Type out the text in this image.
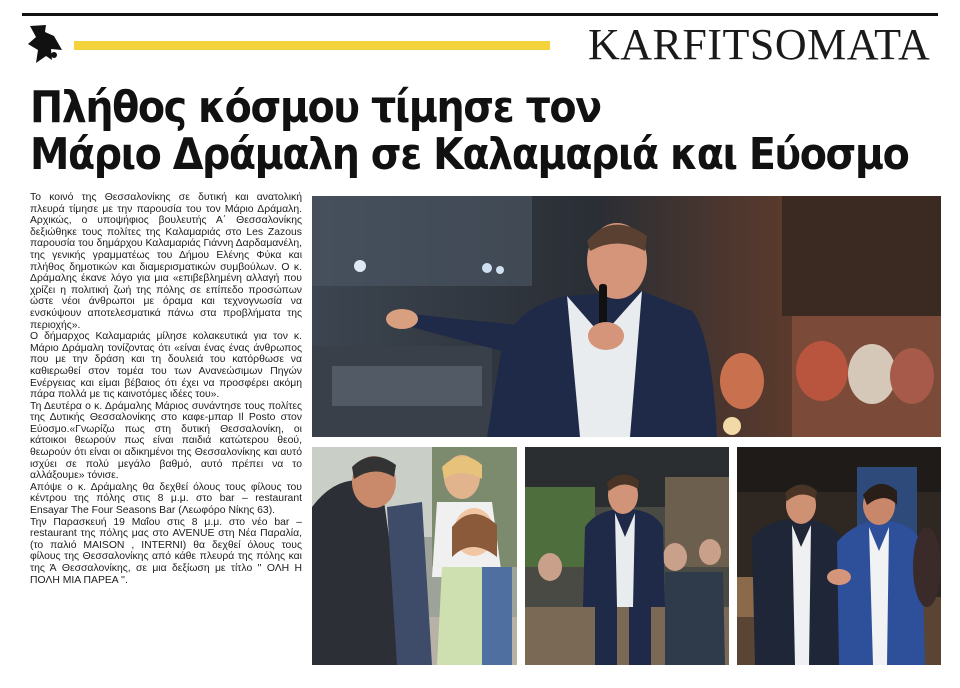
KARFITSOMATA
Πλήθος κόσμου τίμησε τον
Μάριο Δράμαλη σε Καλαμαριά και Εύοσμο

Το κοινό της Θεσσαλονίκης σε δυτική και ανατολική πλευρά τίμησε με την παρουσία του τον Μάριο Δράμαλη. Αρχικώς, ο υποψήφιος βουλευτής Α΄ Θεσσαλονίκης δεξιώθηκε τους πολίτες της Καλαμαριάς στο Les Zazous παρουσία του δημάρχου Καλαμαριάς Γιάννη Δαρδαμανέλη, της γενικής γραμματέως του Δήμου Ελένης Φύκα και πλήθος δημοτικών και διαμερισματικών συμβούλων. Ο κ. Δράμαλης έκανε λόγο για μια «επιβεβλημένη αλλαγή που χρίζει η πολιτική ζωή της πόλης σε επίπεδο προσώπων ώστε νέοι άνθρωποι με όραμα και τεχνογνωσία να ενσκύψουν αποτελεσματικά πάνω στα προβλήματα της περιοχής».

Ο δήμαρχος Καλαμαριάς μίλησε κολακευτικά για τον κ. Μάριο Δράμαλη τονίζοντας ότι «είναι ένας ένας άνθρωπος που με την δράση και τη δουλειά του κατόρθωσε να καθιερωθεί στον τομέα του των Ανανεώσιμων Πηγών Ενέργειας και είμαι βέβαιος ότι έχει να προσφέρει ακόμη πάρα πολλά με τις καινοτόμες ιδέες του».

Τη Δευτέρα ο κ. Δράμαλης Μάριος συνάντησε τους πολίτες της Δυτικής Θεσσαλονίκης στο καφε-μπαρ Il Posto στον Εύοσμο.«Γνωρίζω πως στη δυτική Θεσσαλονίκη, οι κάτοικοι θεωρούν πως είναι παιδιά κατώτερου θεού, θεωρούν ότι είναι οι αδικημένοι της Θεσσαλονίκης και αυτό ισχύει σε πολύ μεγάλο βαθμό, αυτό πρέπει να το αλλάξουμε» τόνισε.

Απόψε ο κ. Δράμαλης θα δεχθεί όλους τους φίλους του κέντρου της πόλης στις 8 μ.μ. στο bar – restaurant Ensayar The Four Seasons Bar (Λεωφόρο Νίκης 63).

Την Παρασκευή 19 Μαΐου στις 8 μ.μ. στο νέο bar – restaurant της πόλης μας στο AVENUE στη Νέα Παραλία, (το παλιό MAISON , INTERNI) θα δεχθεί όλους τους φίλους της Θεσσαλονίκης από κάθε πλευρά της πόλης και της Ά Θεσσαλονίκης, σε μια δεξίωση με τίτλο '' ΟΛΗ Η ΠΟΛΗ ΜΙΑ ΠΑΡΕΑ ''.
